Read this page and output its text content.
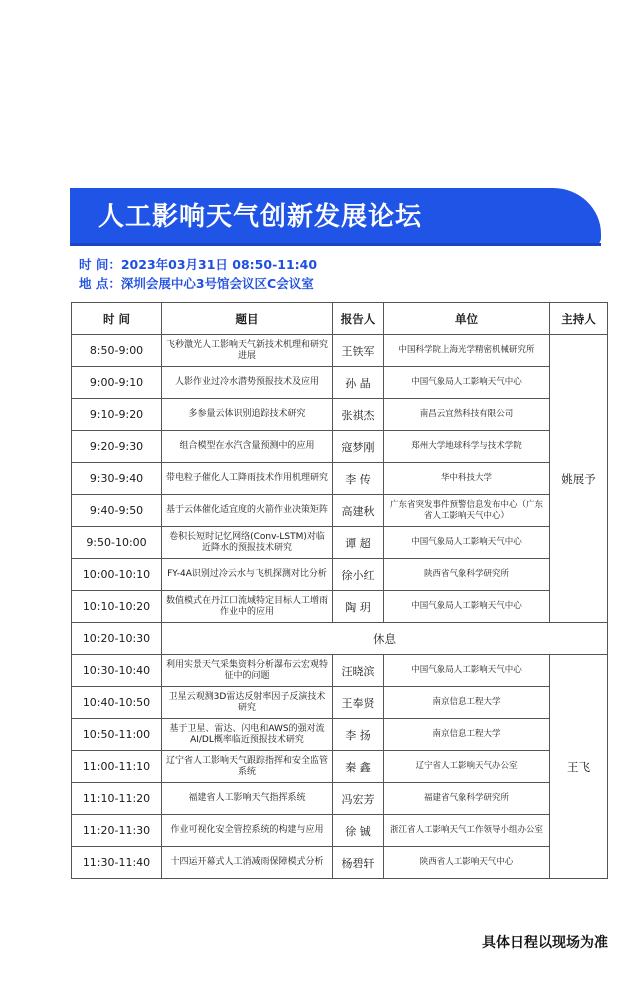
人工影响天气创新发展论坛
时 间：2023年03月31日 08:50-11:40
地 点：深圳会展中心3号馆会议区C会议室
时 间	题目	报告人	单位	主持人
8:50-9:00	飞秒激光人工影响天气新技术机理和研究进展	王铁军	中国科学院上海光学精密机械研究所	姚展予
9:00-9:10	人影作业过冷水潜势预报技术及应用	孙 晶	中国气象局人工影响天气中心	
9:10-9:20	多参量云体识别追踪技术研究	张祺杰	南昌云宜然科技有限公司	
9:20-9:30	组合模型在水汽含量预测中的应用	寇梦刚	郑州大学地球科学与技术学院	
9:30-9:40	带电粒子催化人工降雨技术作用机理研究	李 传	华中科技大学	
9:40-9:50	基于云体催化适宜度的火箭作业决策矩阵	高建秋	广东省突发事件预警信息发布中心（广东省人工影响天气中心）	
9:50-10:00	卷积长短时记忆网络(Conv-LSTM)对临近降水的预报技术研究	谭 超	中国气象局人工影响天气中心	
10:00-10:10	FY-4A识别过冷云水与飞机探测对比分析	徐小红	陕西省气象科学研究所	
10:10-10:20	数值模式在丹江口流域特定目标人工增雨作业中的应用	陶 玥	中国气象局人工影响天气中心	
10:20-10:30	休息			
10:30-10:40	利用实景天气采集资料分析瀑布云宏观特征中的问题	汪晓滨	中国气象局人工影响天气中心	王飞
10:40-10:50	卫星云观测3D雷达反射率因子反演技术研究	王奉贤	南京信息工程大学	
10:50-11:00	基于卫星、雷达、闪电和AWS的强对流AI/DL概率临近预报技术研究	李 扬	南京信息工程大学	
11:00-11:10	辽宁省人工影响天气跟踪指挥和安全监管系统	秦 鑫	辽宁省人工影响天气办公室	
11:10-11:20	福建省人工影响天气指挥系统	冯宏芳	福建省气象科学研究所	
11:20-11:30	作业可视化安全管控系统的构建与应用	徐 铖	浙江省人工影响天气工作领导小组办公室	
11:30-11:40	十四运开幕式人工消减雨保障模式分析	杨碧轩	陕西省人工影响天气中心	
具体日程以现场为准
